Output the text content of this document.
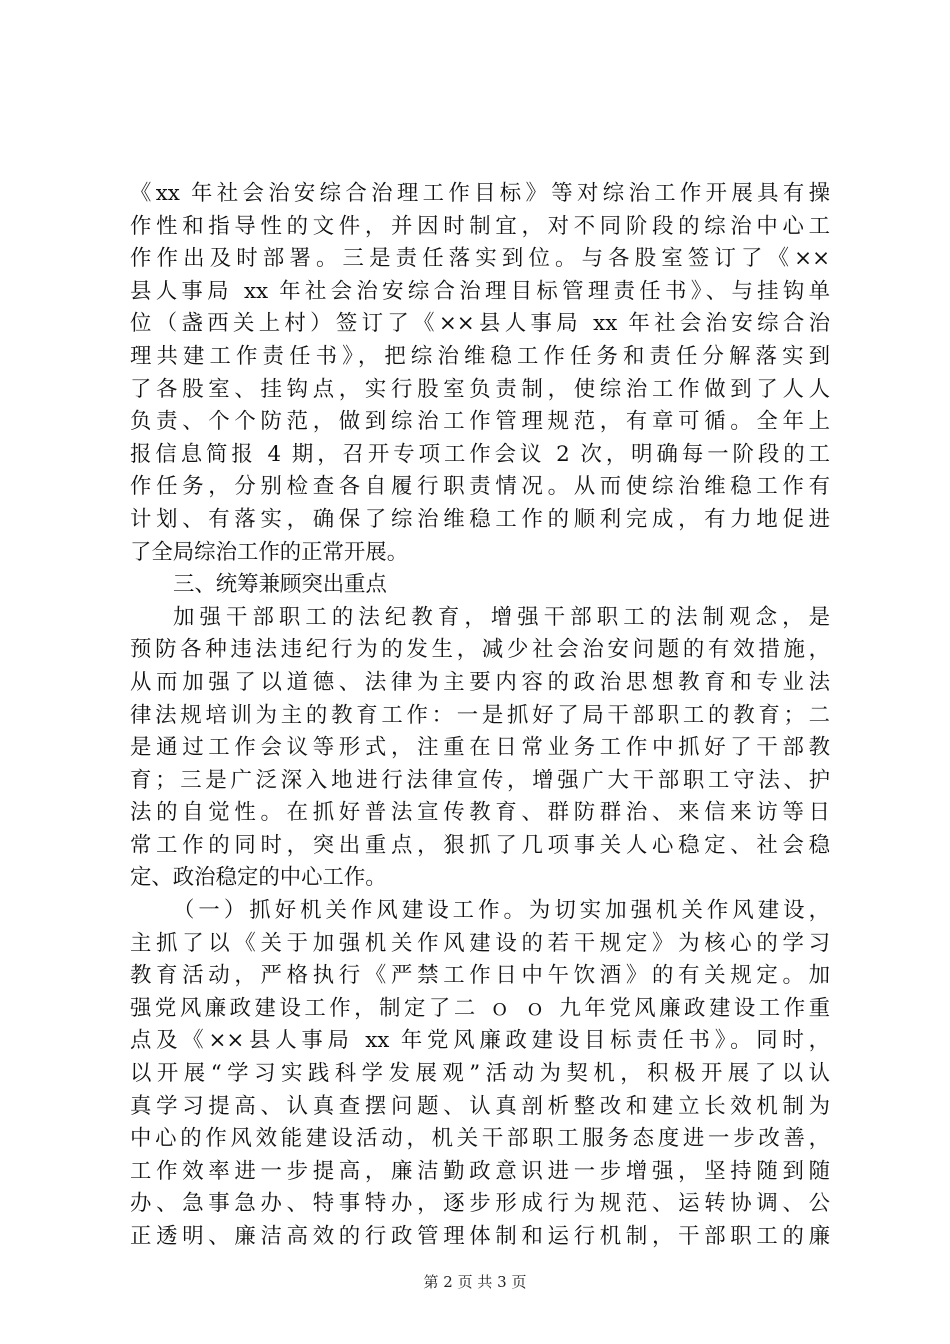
《xx 年社会治安综合治理工作目标》等对综治工作开展具有操
作性和指导性的文件，并因时制宜，对不同阶段的综治中心工
作作出及时部署。三是责任落实到位。与各股室签订了《××
县人事局 xx 年社会治安综合治理目标管理责任书》、与挂钩单
位（盏西关上村）签订了《××县人事局 xx 年社会治安综合治
理共建工作责任书》，把综治维稳工作任务和责任分解落实到
了各股室、挂钩点，实行股室负责制，使综治工作做到了人人
负责、个个防范，做到综治工作管理规范，有章可循。全年上
报信息简报 4 期，召开专项工作会议 2 次，明确每一阶段的工
作任务，分别检查各自履行职责情况。从而使综治维稳工作有
计划、有落实，确保了综治维稳工作的顺利完成，有力地促进
了全局综治工作的正常开展。
三、统筹兼顾突出重点
加强干部职工的法纪教育，增强干部职工的法制观念，是
预防各种违法违纪行为的发生，减少社会治安问题的有效措施，
从而加强了以道德、法律为主要内容的政治思想教育和专业法
律法规培训为主的教育工作：一是抓好了局干部职工的教育；二
是通过工作会议等形式，注重在日常业务工作中抓好了干部教
育；三是广泛深入地进行法律宣传，增强广大干部职工守法、护
法的自觉性。在抓好普法宣传教育、群防群治、来信来访等日
常工作的同时，突出重点，狠抓了几项事关人心稳定、社会稳
定、政治稳定的中心工作。
（一）抓好机关作风建设工作。为切实加强机关作风建设，
主抓了以《关于加强机关作风建设的若干规定》为核心的学习
教育活动，严格执行《严禁工作日中午饮酒》的有关规定。加
强党风廉政建设工作，制定了二 ｏ ｏ 九年党风廉政建设工作重
点及《××县人事局 xx 年党风廉政建设目标责任书》。同时，
以开展“学习实践科学发展观”活动为契机，积极开展了以认
真学习提高、认真查摆问题、认真剖析整改和建立长效机制为
中心的作风效能建设活动，机关干部职工服务态度进一步改善，
工作效率进一步提高，廉洁勤政意识进一步增强，坚持随到随
办、急事急办、特事特办，逐步形成行为规范、运转协调、公
正透明、廉洁高效的行政管理体制和运行机制，干部职工的廉
第 2 页 共 3 页
